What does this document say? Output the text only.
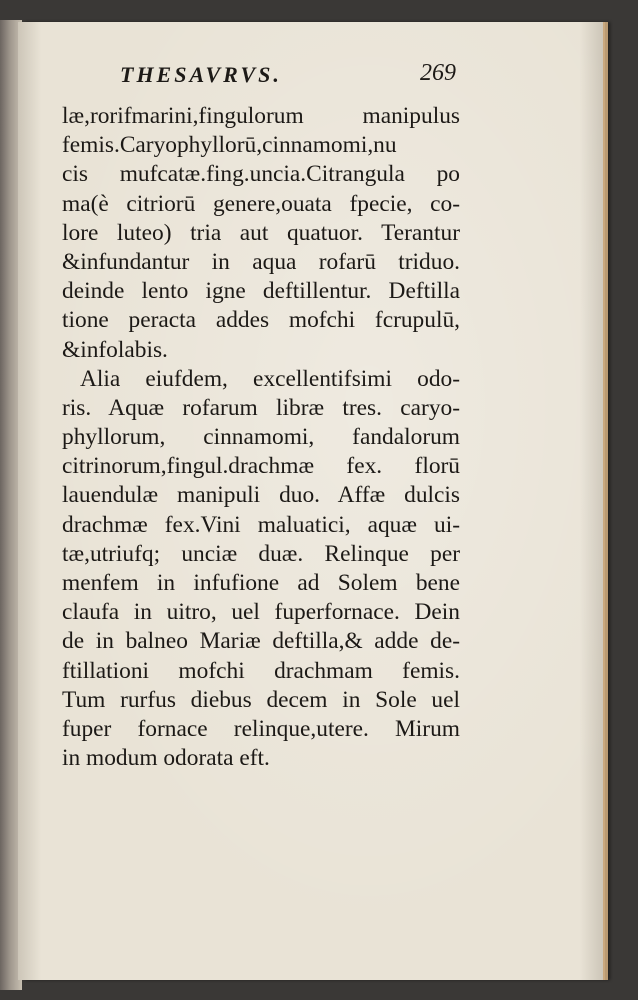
THESAVRVS.	269
læ,rorifmarini,fingulorum manipulus
femis.Caryophyllorū,cinnamomi,nu
cis mufcatæ.fing.uncia.Citrangula po
ma(è citriorū genere,ouata fpecie, co-
lore luteo) tria aut quatuor. Terantur
&infundantur in aqua rofarū triduo.
deinde lento igne deftillentur. Deftilla
tione peracta addes mofchi fcrupulū,
&infolabis.
Alia eiufdem, excellentifsimi odo-
ris. Aquæ rofarum libræ tres. caryo-
phyllorum, cinnamomi, fandalorum
citrinorum,fingul.drachmæ fex. florū
lauendulæ manipuli duo. Affæ dulcis
drachmæ fex.Vini maluatici, aquæ ui-
tæ,utriufq; unciæ duæ. Relinque per
menfem in infufione ad Solem bene
claufa in uitro, uel fuperfornace. Dein
de in balneo Mariæ deftilla,& adde de-
ftillationi mofchi drachmam femis.
Tum rurfus diebus decem in Sole uel
fuper fornace relinque,utere. Mirum
in modum odorata eft.
